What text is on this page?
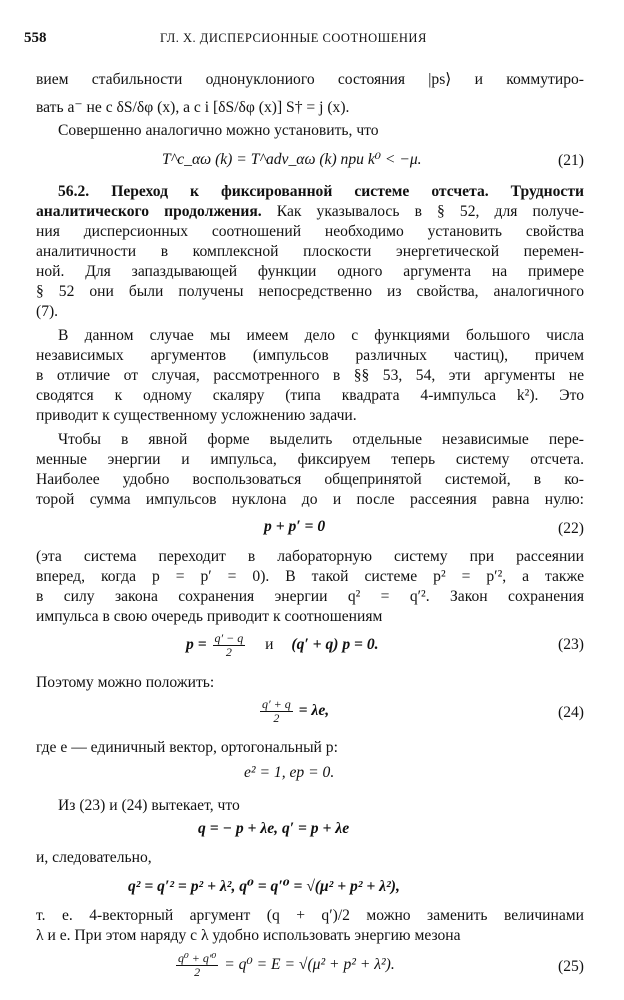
558	ГЛ. X. ДИСПЕРСИОННЫЕ СООТНОШЕНИЯ
вием стабильности однонуклониого состояния |ps⟩ и коммутиро-
вать a⁻ не с δS/δφ (x), а с i [δS/δφ (x)] S† = j (x).
Совершенно аналогично можно установить, что
T^c_αω (k) = T^adv_αω (k) при k⁰ < −μ.	(21)
56.2. Переход к фиксированной системе отсчета. Трудности
аналитического продолжения. Как указывалось в § 52, для получе-
ния дисперсионных соотношений необходимо установить свойства
аналитичности в комплексной плоскости энергетической перемен-
ной. Для запаздывающей функции одного аргумента на примере
§ 52 они были получены непосредственно из свойства, аналогичного
(7).
В данном случае мы имеем дело с функциями большого числа
независимых аргументов (импульсов различных частиц), причем
в отличие от случая, рассмотренного в §§ 53, 54, эти аргументы не
сводятся к одному скаляру (типа квадрата 4-импульса k²). Это
приводит к существенному усложнению задачи.
Чтобы в явной форме выделить отдельные независимые пере-
менные энергии и импульса, фиксируем теперь систему отсчета.
Наиболее удобно воспользоваться общепринятой системой, в ко-
торой сумма импульсов нуклона до и после рассеяния равна нулю:
p + p′ = 0	(22)
(эта система переходит в лабораторную систему при рассеянии
вперед, когда p = p′ = 0). В такой системе p² = p′², а также
в силу закона сохранения энергии q² = q′². Закон сохранения
импульса в свою очередь приводит к соотношениям
$p = \frac{q' - q}{2}$ и (q′ + q) p = 0.	(23)
Поэтому можно положить:
$\frac{q' + q}{2} = \lambda e$,	(24)
где e — единичный вектор, ортогональный p:
e² = 1, ep = 0.
Из (23) и (24) вытекает, что
q = − p + λe, q′ = p + λe
и, следовательно,
q² = q′² = p² + λ², q⁰ = q′⁰ = √(μ² + p² + λ²),
т. е. 4-векторный аргумент (q + q′)/2 можно заменить величинами
λ и e. При этом наряду с λ удобно использовать энергию мезона
$\frac{\text{q⁰ + q′⁰}}{2} = q^0 = E = √(\mu^2 + p^2 + \lambda^2)$.	(25)
